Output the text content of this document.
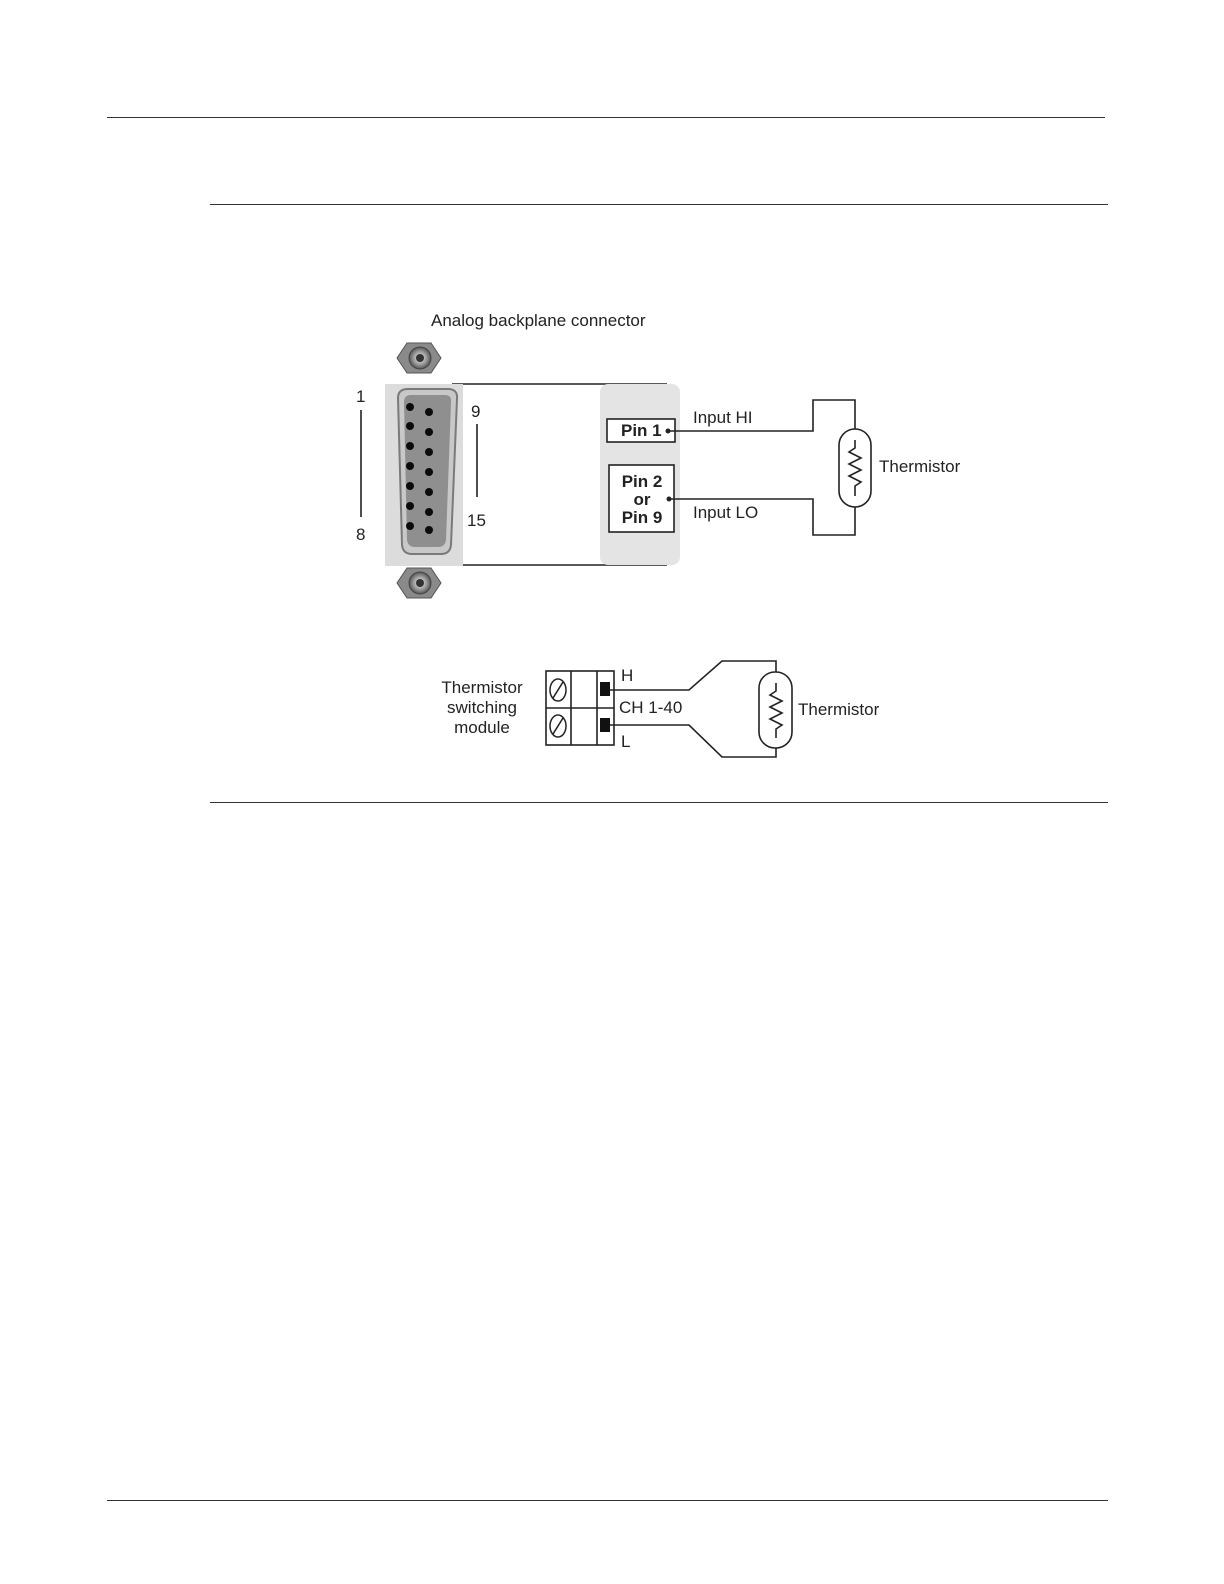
Analog backplane connector
1
8
9
15
Pin 1
Pin 2
or
Pin 9
Input HI
Input LO
Thermistor
Thermistor
switching
module
H
CH 1-40
L
Thermistor
